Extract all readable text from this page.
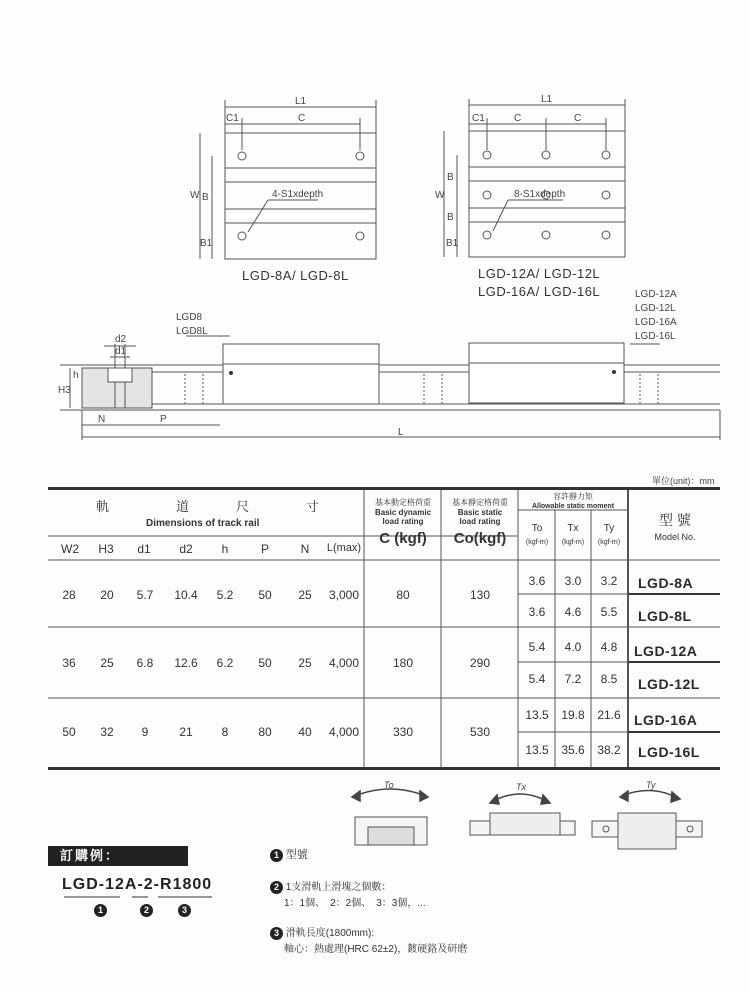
L1
C1	C
W B
B1
4-S1xdepth
LGD-8A/ LGD-8L
L1
C1	C	C
W
B
B
B1
8-S1xdepth
LGD-12A/ LGD-12L
LGD-16A/ LGD-16L
LGD8
LGD8L
LGD-12A
LGD-12L
LGD-16A
LGD-16L
d2
d1
H3
h
N	P
L
單位(unit)：mm
軌	道	尺	寸
Dimensions of track rail
W2	H3	d1	d2	h	P	N	L(max)
基本動定格荷重
Basic dynamic
load rating
C (kgf)
基本靜定格荷重
Basic static
load rating
Co(kgf)
容許靜力矩
Allowable static moment
To
(kgf-m)
Tx
(kgf-m)
Ty
(kgf-m)
型 號
Model No.
28	20	5.7	10.4	5.2	50	25	3,000	80	130
3.6	3.0	3.2	LGD-8A
3.6	4.6	5.5	LGD-8L
36	25	6.8	12.6	6.2	50	25	4,000	180	290
5.4	4.0	4.8	LGD-12A
5.4	7.2	8.5	LGD-12L
50	32	9	21	8	80	40	4,000	330	530
13.5	19.8	21.6 LGD-16A
13.5	35.6	38.2	LGD-16L
To	Tx	Ty
訂購例：
LGD-12A-2-R1800
1	2	3
1 型號
2 1支滑軌上滑塊之個數：
1：1個、　2：2個、　3：3個，...
3 滑軌長度(1800mm):
軸心：熱處理(HRC 62±2)，鍍硬鉻及研磨
